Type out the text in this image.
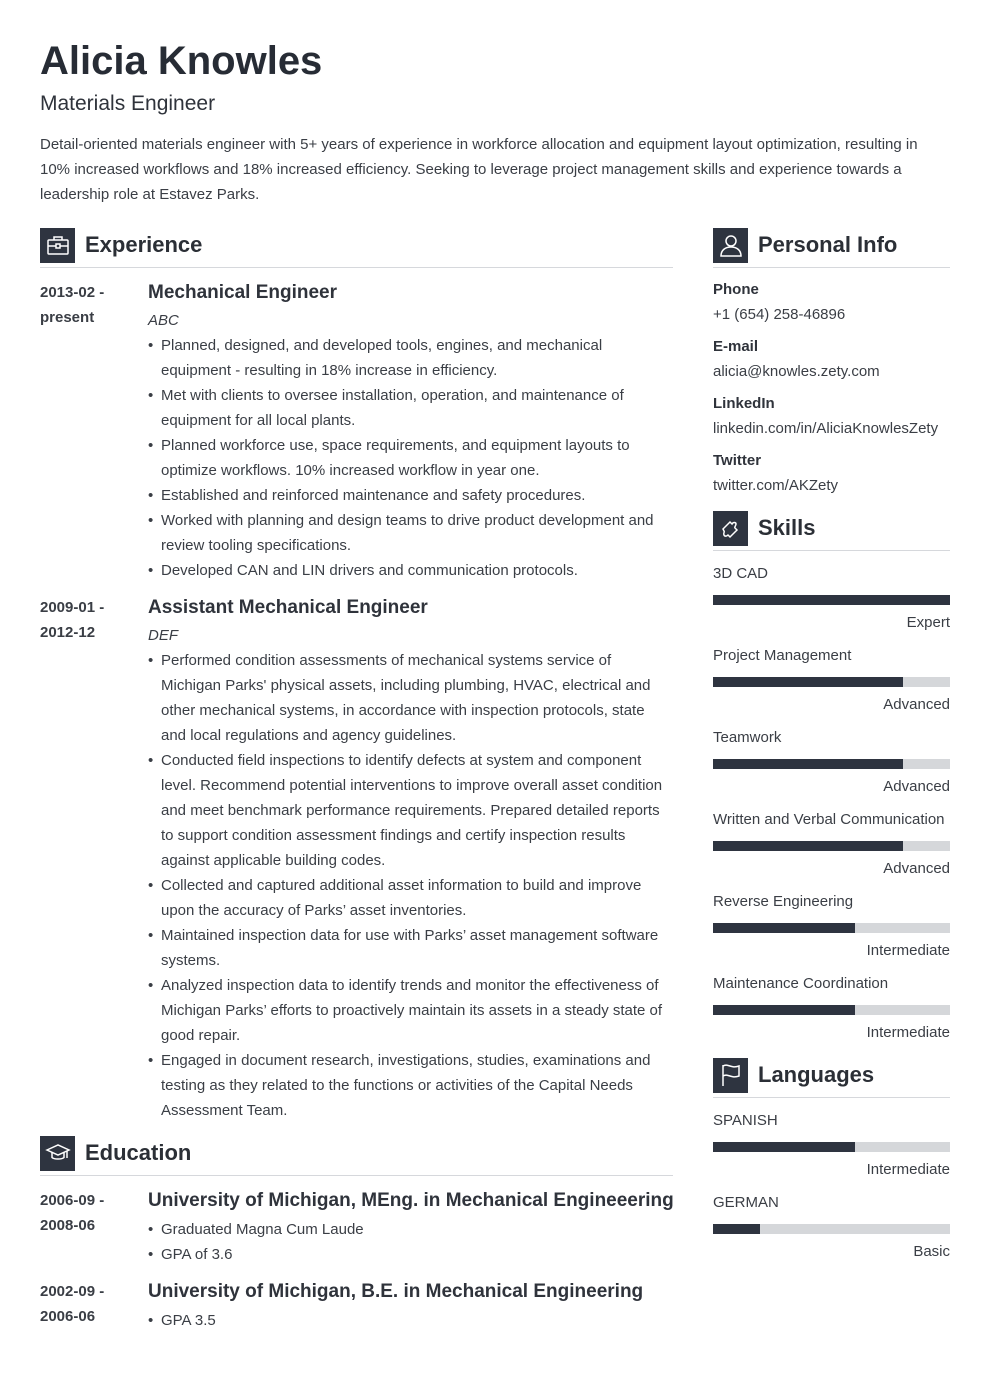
Alicia Knowles
Materials Engineer
Detail-oriented materials engineer with 5+ years of experience in workforce allocation and equipment layout optimization, resulting in 10% increased workflows and 18% increased efficiency. Seeking to leverage project management skills and experience towards a leadership role at Estavez Parks.
Experience
2013-02 -
present
Mechanical Engineer
ABC
• Planned, designed, and developed tools, engines, and mechanical equipment - resulting in 18% increase in efficiency.
• Met with clients to oversee installation, operation, and maintenance of equipment for all local plants.
• Planned workforce use, space requirements, and equipment layouts to optimize workflows. 10% increased workflow in year one.
• Established and reinforced maintenance and safety procedures.
• Worked with planning and design teams to drive product development and review tooling specifications.
• Developed CAN and LIN drivers and communication protocols.
2009-01 -
2012-12
Assistant Mechanical Engineer
DEF
• Performed condition assessments of mechanical systems service of Michigan Parks' physical assets, including plumbing, HVAC, electrical and other mechanical systems, in accordance with inspection protocols, state and local regulations and agency guidelines.
• Conducted field inspections to identify defects at system and component level. Recommend potential interventions to improve overall asset condition and meet benchmark performance requirements. Prepared detailed reports to support condition assessment findings and certify inspection results against applicable building codes.
• Collected and captured additional asset information to build and improve upon the accuracy of Parks’ asset inventories.
• Maintained inspection data for use with Parks’ asset management software systems.
• Analyzed inspection data to identify trends and monitor the effectiveness of Michigan Parks’ efforts to proactively maintain its assets in a steady state of good repair.
• Engaged in document research, investigations, studies, examinations and testing as they related to the functions or activities of the Capital Needs Assessment Team.
Education
2006-09 -
2008-06
University of Michigan, MEng. in Mechanical Engineeering
• Graduated Magna Cum Laude
• GPA of 3.6
2002-09 -
2006-06
University of Michigan, B.E. in Mechanical Engineering
• GPA 3.5
Personal Info
Phone
+1 (654) 258-46896
E-mail
alicia@knowles.zety.com
LinkedIn
linkedin.com/in/AliciaKnowlesZety
Twitter
twitter.com/AKZety
Skills
3D CAD
Expert
Project Management
Advanced
Teamwork
Advanced
Written and Verbal Communication
Advanced
Reverse Engineering
Intermediate
Maintenance Coordination
Intermediate
Languages
SPANISH
Intermediate
GERMAN
Basic
